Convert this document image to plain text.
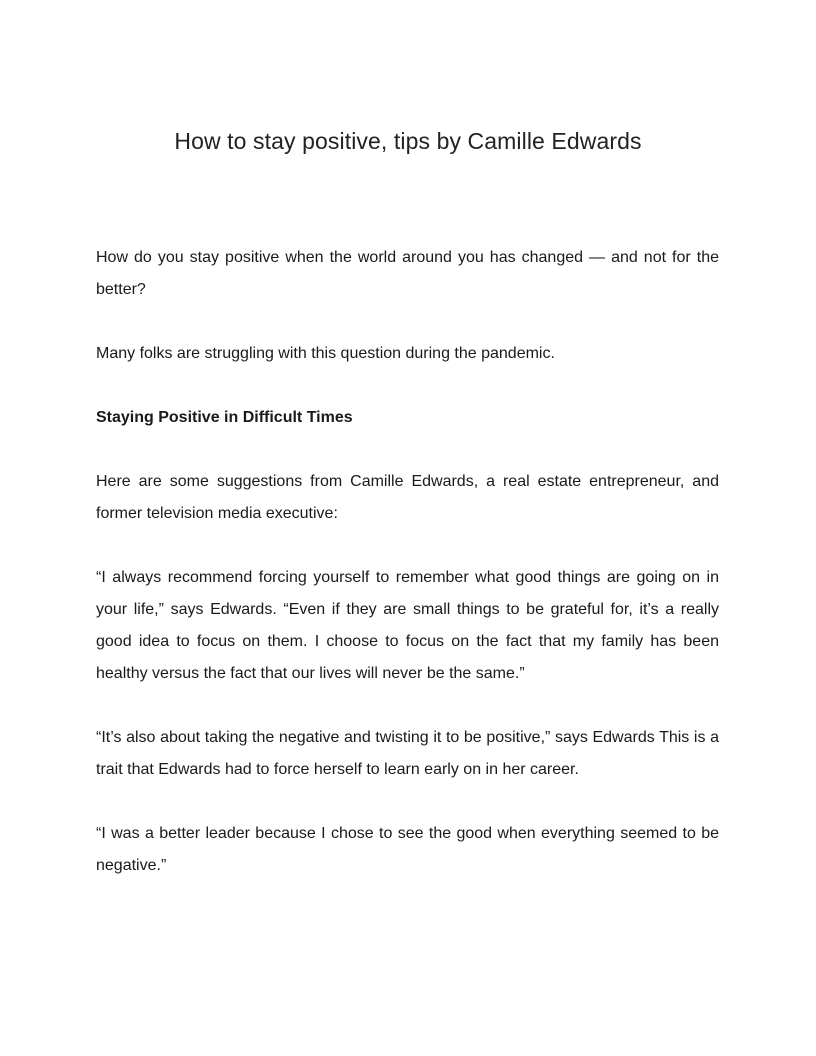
How to stay positive, tips by Camille Edwards

How do you stay positive when the world around you has changed — and not for the better?

Many folks are struggling with this question during the pandemic.

Staying Positive in Difficult Times

Here are some suggestions from Camille Edwards, a real estate entrepreneur, and former television media executive:

“I always recommend forcing yourself to remember what good things are going on in your life,” says Edwards. “Even if they are small things to be grateful for, it’s a really good idea to focus on them. I choose to focus on the fact that my family has been healthy versus the fact that our lives will never be the same.”

“It’s also about taking the negative and twisting it to be positive,” says Edwards This is a trait that Edwards had to force herself to learn early on in her career.

“I was a better leader because I chose to see the good when everything seemed to be negative.”
